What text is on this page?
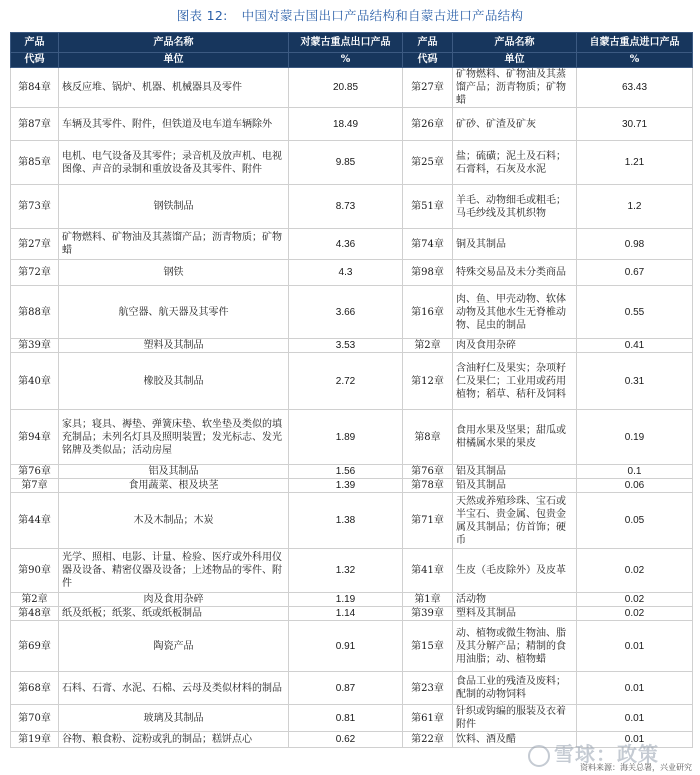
图表 12: 中国对蒙古国出口产品结构和自蒙古进口产品结构
产品	产品名称	对蒙古重点出口产品	产品	产品名称	自蒙古重点进口产品
代码	单位	%	代码	单位	%
第84章	核反应堆、锅炉、机器、机械器具及零件	20.85	第27章	矿物燃料、矿物油及其蒸馏产品；沥青物质；矿物蜡	63.43
第87章	车辆及其零件、附件，但铁道及电车道车辆除外	18.49	第26章	矿砂、矿渣及矿灰	30.71
第85章	电机、电气设备及其零件；录音机及放声机、电视图像、声音的录制和重放设备及其零件、附件	9.85	第25章	盐；硫磺；泥土及石料；石膏料，石灰及水泥	1.21
第73章	钢铁制品	8.73	第51章	羊毛、动物细毛或粗毛；马毛纱线及其机织物	1.2
第27章	矿物燃料、矿物油及其蒸馏产品；沥青物质；矿物蜡	4.36	第74章	铜及其制品	0.98
第72章	钢铁	4.3	第98章	特殊交易品及未分类商品	0.67
第88章	航空器、航天器及其零件	3.66	第16章	肉、鱼、甲壳动物、软体动物及其他水生无脊椎动物、昆虫的制品	0.55
第39章	塑料及其制品	3.53	第2章	肉及食用杂碎	0.41
第40章	橡胶及其制品	2.72	第12章	含油籽仁及果实；杂项籽仁及果仁；工业用或药用植物；稻草、秸秆及饲料	0.31
第94章	家具；寝具、褥垫、弹簧床垫、软坐垫及类似的填充制品；未列名灯具及照明装置；发光标志、发光铭牌及类似品；活动房屋	1.89	第8章	食用水果及坚果；甜瓜或柑橘属水果的果皮	0.19
第76章	铝及其制品	1.56	第76章	铝及其制品	0.1
第7章	食用蔬菜、根及块茎	1.39	第78章	铅及其制品	0.06
第44章	木及木制品；木炭	1.38	第71章	天然或养殖珍珠、宝石或半宝石、贵金属、包贵金属及其制品；仿首饰；硬币	0.05
第90章	光学、照相、电影、计量、检验、医疗或外科用仪器及设备、精密仪器及设备；上述物品的零件、附件	1.32	第41章	生皮（毛皮除外）及皮革	0.02
第2章	肉及食用杂碎	1.19	第1章	活动物	0.02
第48章	纸及纸板；纸浆、纸或纸板制品	1.14	第39章	塑料及其制品	0.02
第69章	陶瓷产品	0.91	第15章	动、植物或微生物油、脂及其分解产品；精制的食用油脂；动、植物蜡	0.01
第68章	石料、石膏、水泥、石棉、云母及类似材料的制品	0.87	第23章	食品工业的残渣及废料；配制的动物饲料	0.01
第70章	玻璃及其制品	0.81	第61章	针织或钩编的服装及衣着附件	0.01
第19章	谷物、粮食粉、淀粉或乳的制品；糕饼点心	0.62	第22章	饮料、酒及醋	0.01
雪球：政策
资料来源：海关总署，兴业研究
